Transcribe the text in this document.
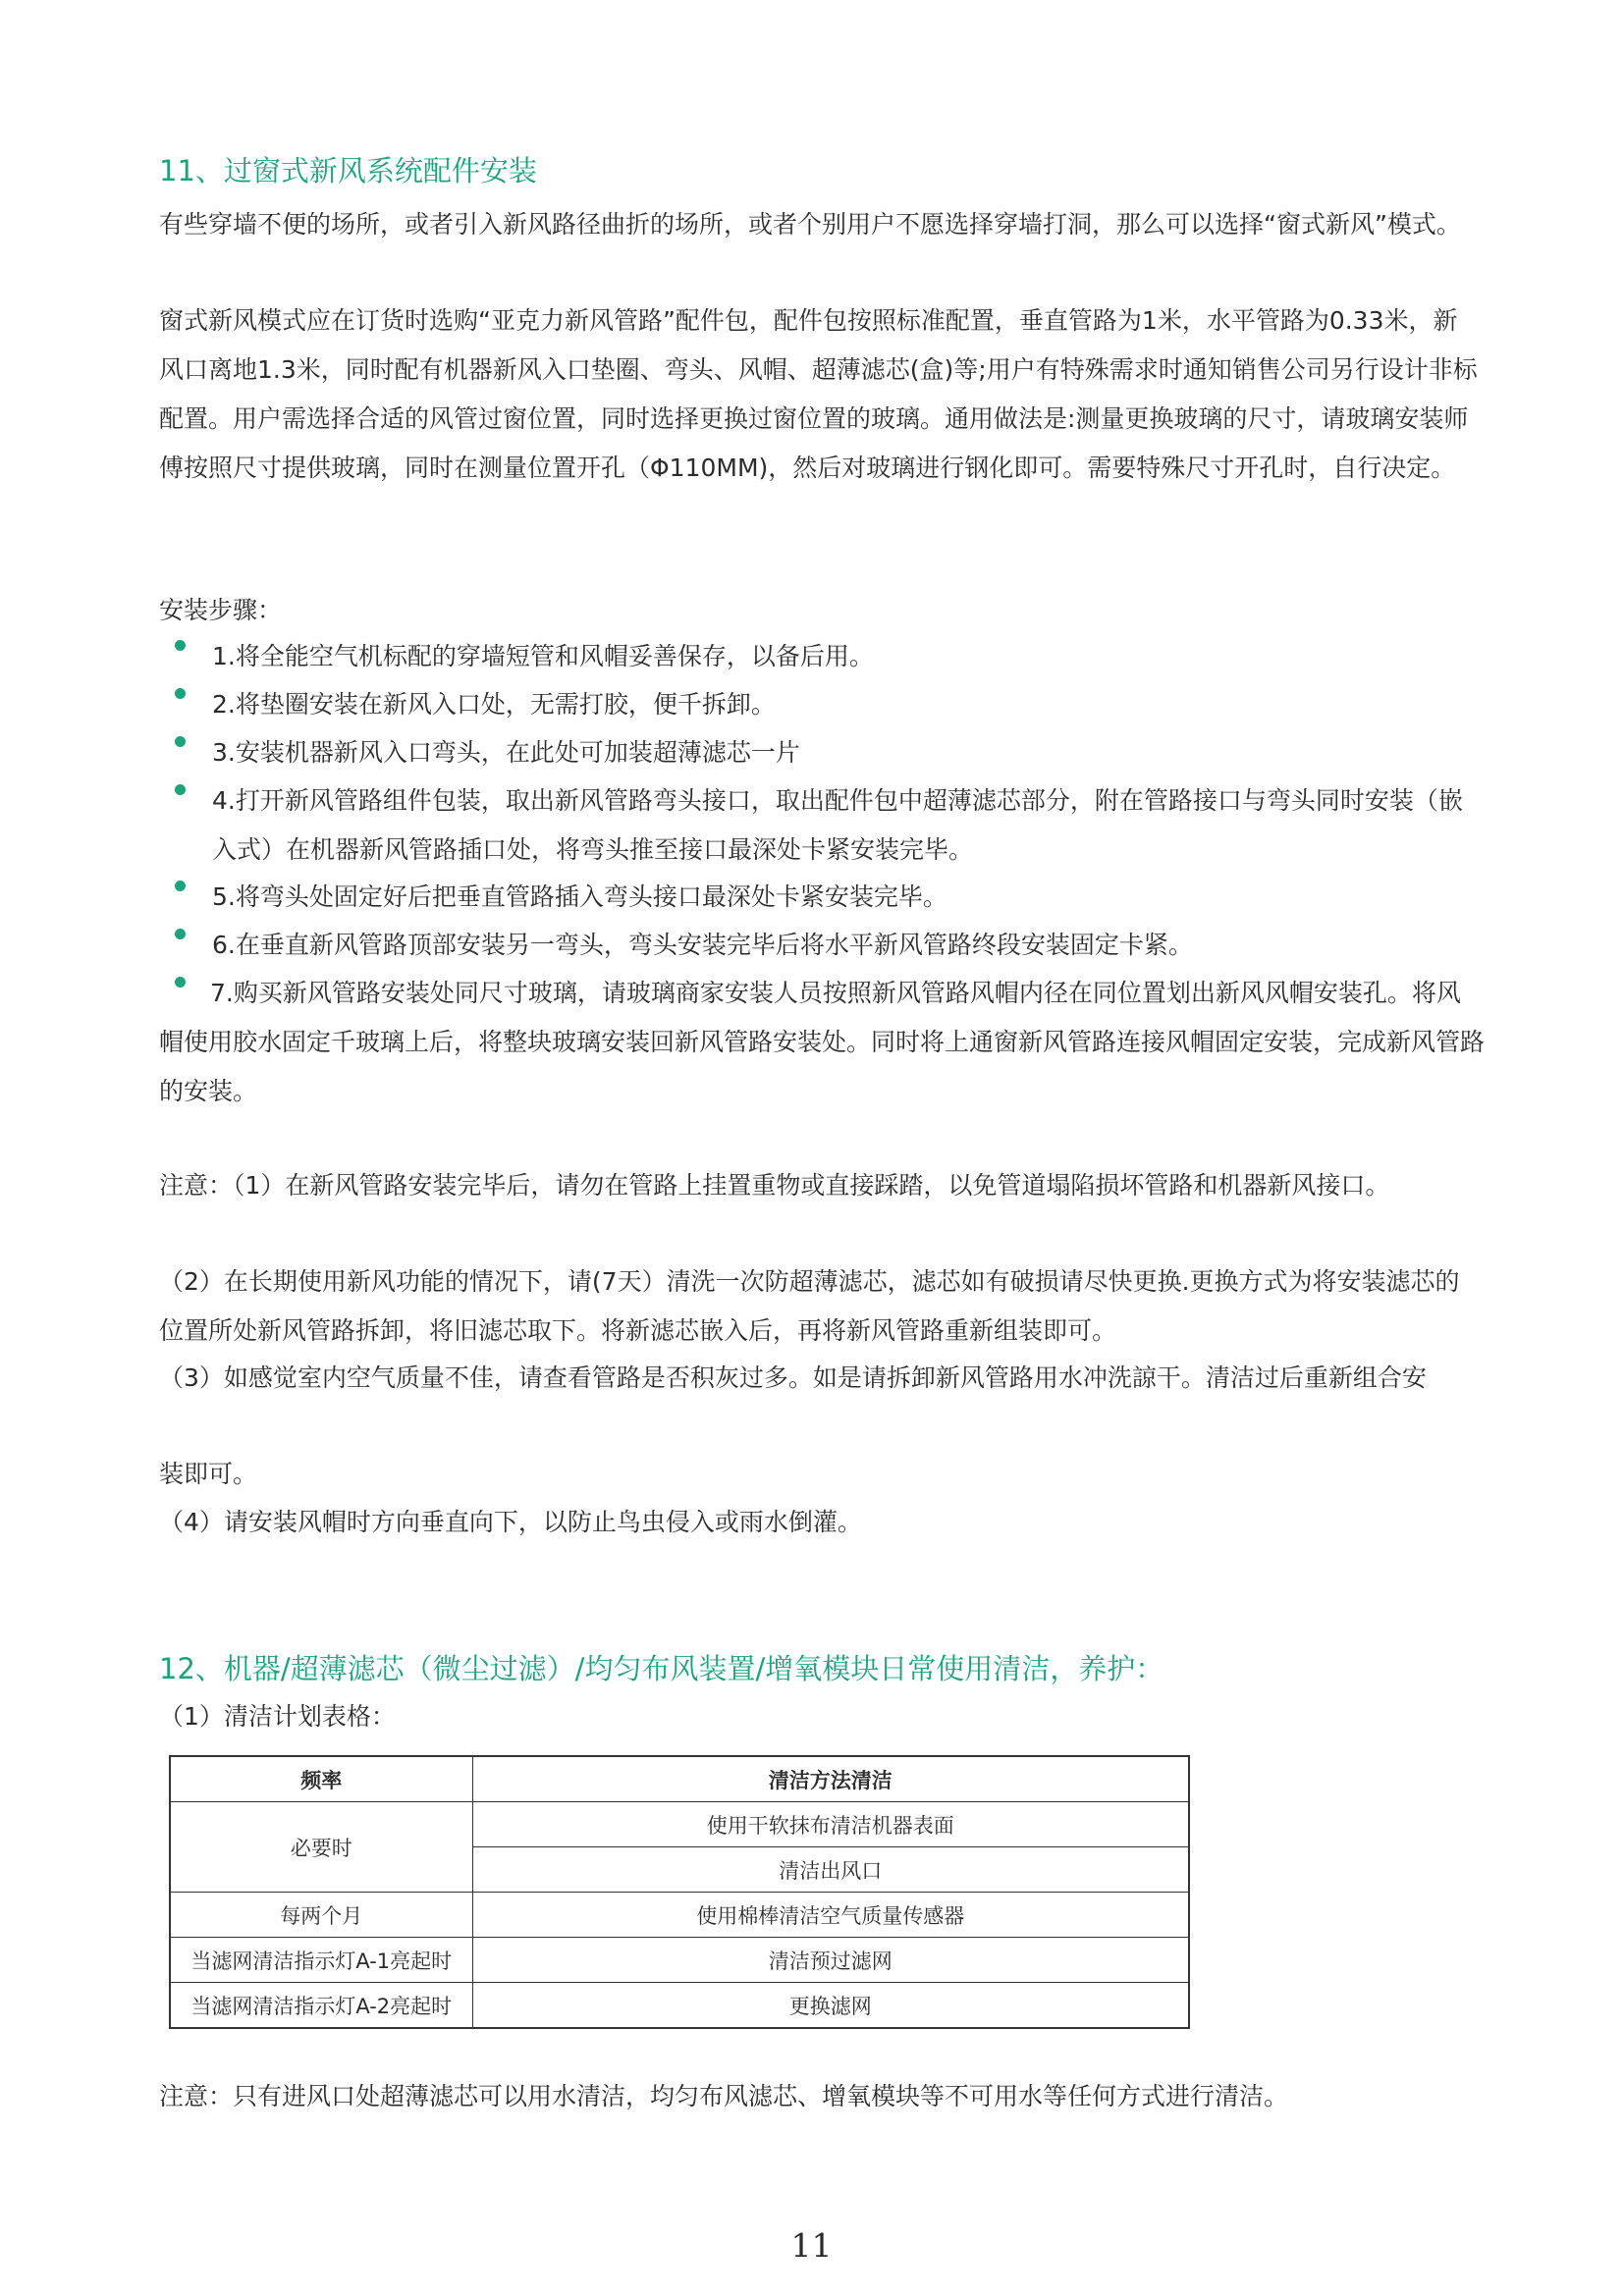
11、过窗式新风系统配件安装

有些穿墙不便的场所，或者引入新风路径曲折的场所，或者个别用户不愿选择穿墙打洞，那么可以选择“窗式新风”模式。

窗式新风模式应在订货时选购“亚克力新风管路”配件包，配件包按照标准配置，垂直管路为1米，水平管路为0.33米，新风口离地1.3米，同时配有机器新风入口垫圈、弯头、风帽、超薄滤芯(盒)等;用户有特殊需求时通知销售公司另行设计非标配置。用户需选择合适的风管过窗位置，同时选择更换过窗位置的玻璃。通用做法是:测量更换玻璃的尺寸，请玻璃安装师傅按照尺寸提供玻璃，同时在测量位置开孔（Φ110MM)，然后对玻璃进行钢化即可。需要特殊尺寸开孔时，自行决定。

安装步骤：

1.将全能空气机标配的穿墙短管和风帽妥善保存，以备后用。

2.将垫圈安装在新风入口处，无需打胶，便千拆卸。

3.安装机器新风入口弯头，在此处可加装超薄滤芯一片

4.打开新风管路组件包装，取出新风管路弯头接口，取出配件包中超薄滤芯部分，附在管路接口与弯头同时安装（嵌入式）在机器新风管路插口处，将弯头推至接口最深处卡紧安装完毕。

5.将弯头处固定好后把垂直管路插入弯头接口最深处卡紧安装完毕。

6.在垂直新风管路顶部安装另一弯头，弯头安装完毕后将水平新风管路终段安装固定卡紧。

7.购买新风管路安装处同尺寸玻璃，请玻璃商家安装人员按照新风管路风帽内径在同位置划出新风风帽安装孔。将风帽使用胶水固定千玻璃上后，将整块玻璃安装回新风管路安装处。同时将上通窗新风管路连接风帽固定安装，完成新风管路的安装。

注意：（1）在新风管路安装完毕后，请勿在管路上挂置重物或直接踩踏，以免管道塌陷损坏管路和机器新风接口。

（2）在长期使用新风功能的情况下，请(7天）清洗一次防超薄滤芯，滤芯如有破损请尽快更换.更换方式为将安装滤芯的位置所处新风管路拆卸，将旧滤芯取下。将新滤芯嵌入后，再将新风管路重新组装即可。

（3）如感觉室内空气质量不佳，请查看管路是否积灰过多。如是请拆卸新风管路用水冲洗諒干。清洁过后重新组合安

装即可。

（4）请安装风帽时方向垂直向下，以防止鸟虫侵入或雨水倒灌。

12、机器/超薄滤芯（微尘过滤）/均匀布风装置/增氧模块日常使用清洁，养护：

（1）清洁计划表格：

频率	清洁方法清洁
必要时	使用干软抹布清洁机器表面
	清洁出风口
每两个月	使用棉棒清洁空气质量传感器
当滤网清洁指示灯A-1亮起时	清洁预过滤网
当滤网清洁指示灯A-2亮起时	更换滤网

注意：只有进风口处超薄滤芯可以用水清洁，均匀布风滤芯、增氧模块等不可用水等任何方式进行清洁。

11
